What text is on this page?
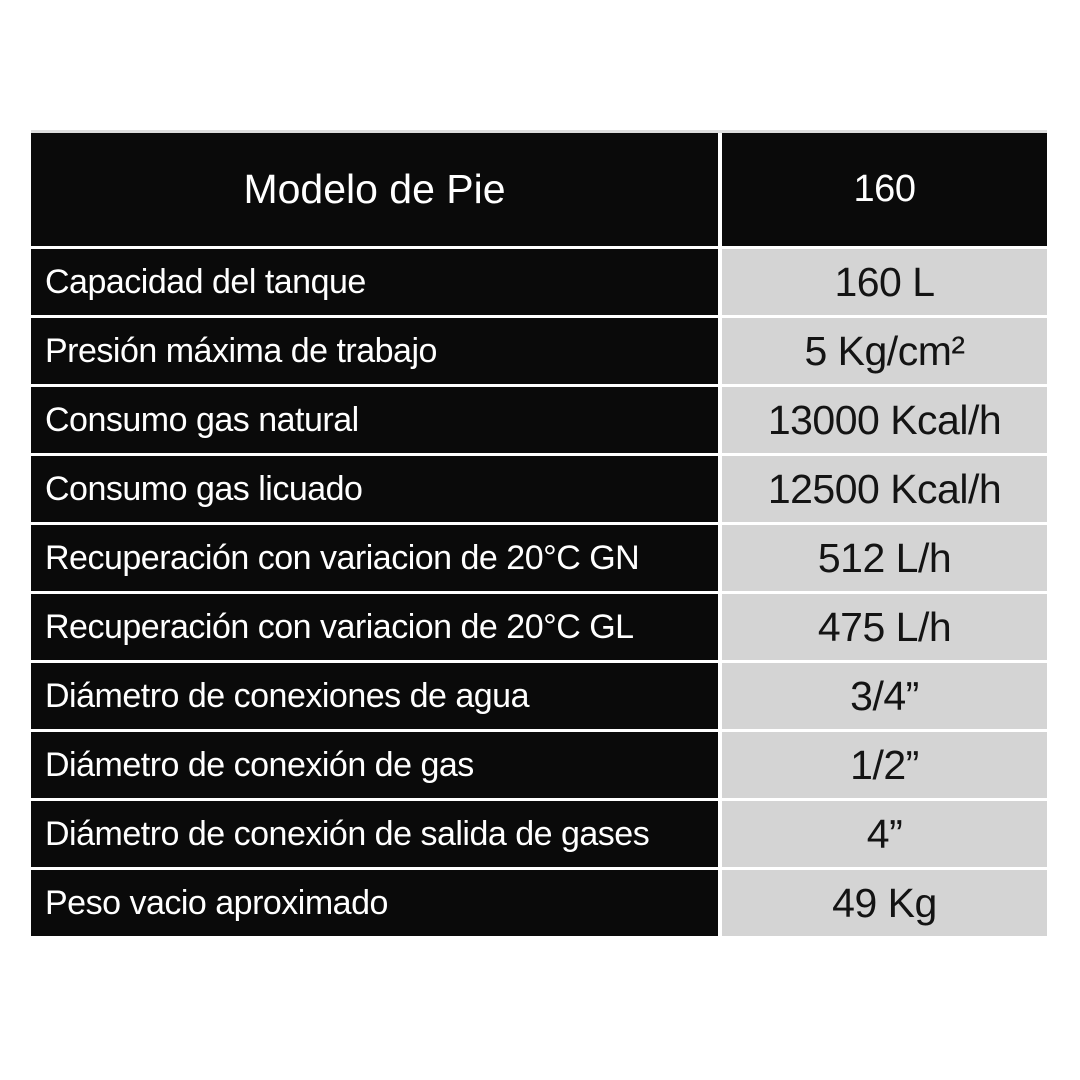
Modelo de Pie	160
Capacidad del tanque	160 L
Presión máxima de trabajo	5 Kg/cm²
Consumo gas natural	13000 Kcal/h
Consumo gas licuado	12500 Kcal/h
Recuperación con variacion de 20°C GN	512 L/h
Recuperación con variacion de 20°C GL	475 L/h
Diámetro de conexiones de agua	3/4”
Diámetro de conexión de gas	1/2”
Diámetro de conexión de salida de gases	4”
Peso vacio aproximado	49 Kg
